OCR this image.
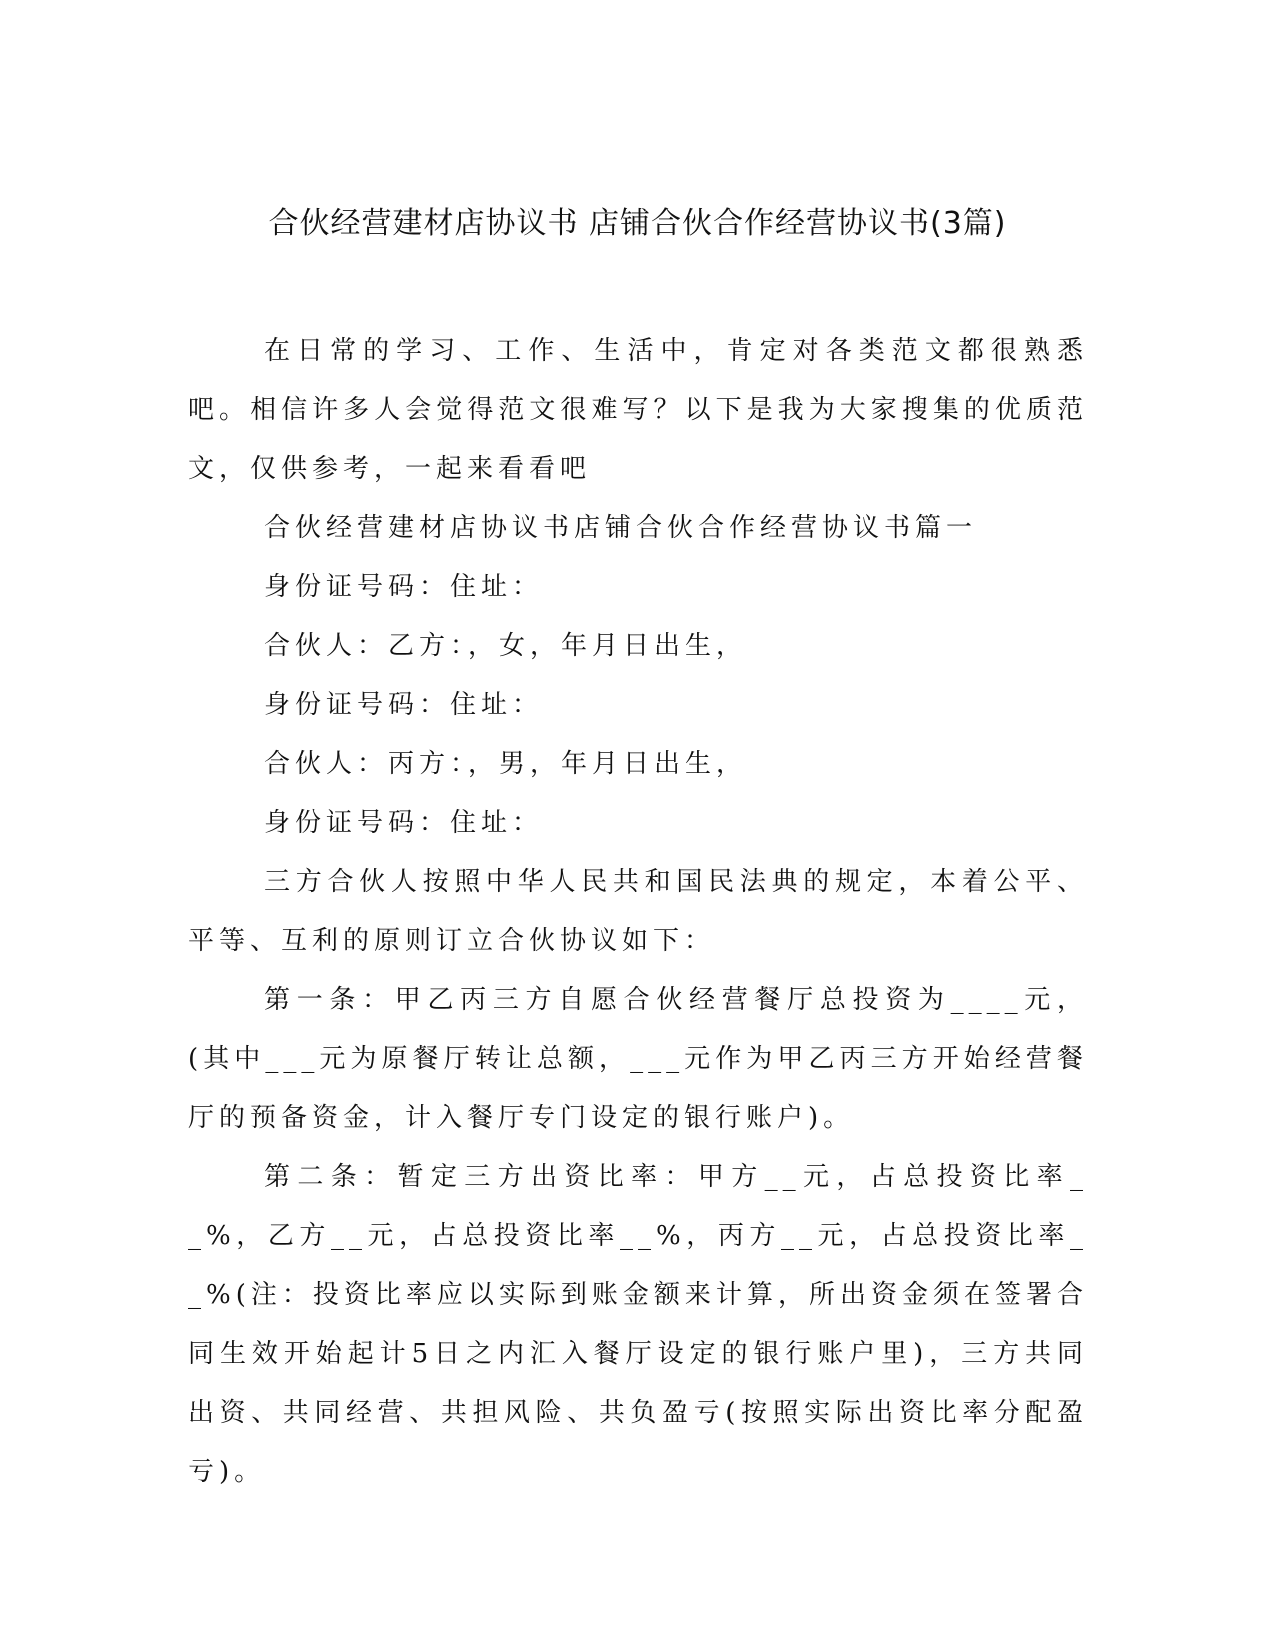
合伙经营建材店协议书 店铺合伙合作经营协议书(3篇)

在日常的学习、工作、生活中，肯定对各类范文都很熟悉吧。相信许多人会觉得范文很难写？以下是我为大家搜集的优质范文，仅供参考，一起来看看吧

合伙经营建材店协议书店铺合伙合作经营协议书篇一

身份证号码：住址：

合伙人：乙方：，女，年月日出生，

身份证号码：住址：

合伙人：丙方：，男，年月日出生，

身份证号码：住址：

三方合伙人按照中华人民共和国民法典的规定，本着公平、平等、互利的原则订立合伙协议如下：

第一条：甲乙丙三方自愿合伙经营餐厅总投资为____元，(其中___元为原餐厅转让总额，___元作为甲乙丙三方开始经营餐厅的预备资金，计入餐厅专门设定的银行账户)。

第二条：暂定三方出资比率：甲方__元，占总投资比率__%，乙方__元，占总投资比率__%，丙方__元，占总投资比率__%(注：投资比率应以实际到账金额来计算，所出资金须在签署合同生效开始起计5日之内汇入餐厅设定的银行账户里)，三方共同出资、共同经营、共担风险、共负盈亏(按照实际出资比率分配盈亏)。
